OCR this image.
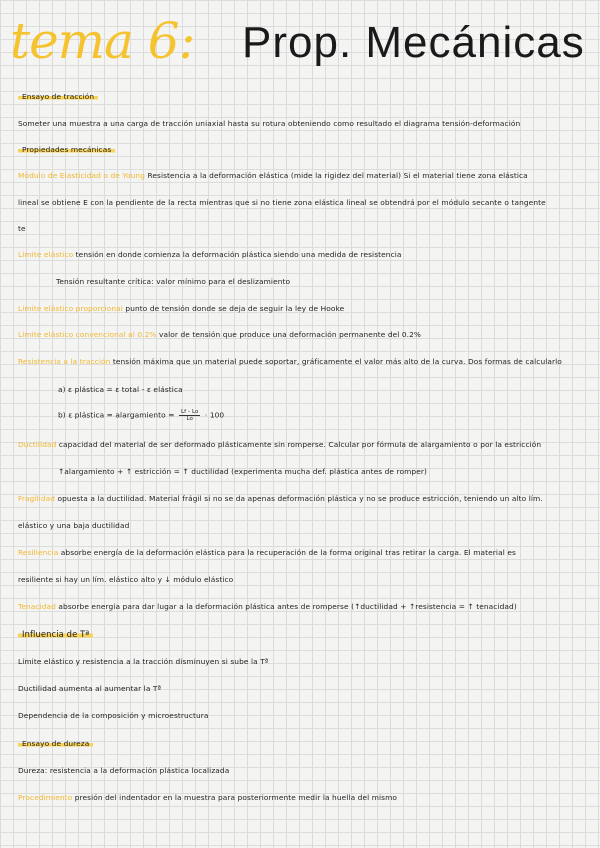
tema 6: Prop. Mecánicas
Ensayo de tracción
Someter una muestra a una carga de tracción uniaxial hasta su rotura obteniendo como resultado el diagrama tensión-deformación
Propiedades mecánicas
Módulo de Elasticidad o de Young Resistencia a la deformación elástica (mide la rigidez del material) Si el material tiene zona elástica
lineal se obtiene E con la pendiente de la recta mientras que si no tiene zona elástica lineal se obtendrá por el módulo secante o tangente
te
Límite elástico tensión en donde comienza la deformación plástica siendo una medida de resistencia
Tensión resultante crítica: valor mínimo para el deslizamiento
Límite elástico proporcional punto de tensión donde se deja de seguir la ley de Hooke
Límite elástico convencional al 0.2% valor de tensión que produce una deformación permanente del 0.2%
Resistencia a la tracción tensión máxima que un material puede soportar, gráficamente el valor más alto de la curva. Dos formas de calcularlo
a) ε plástica = ε total - ε elástica
b) ε plástica = alargamiento = $\frac{Lf - Lo}{Lo} \cdot 100$
Ductilidad capacidad del material de ser deformado plásticamente sin romperse. Calcular por fórmula de alargamiento o por la estricción
↑alargamiento + ↑ estricción = ↑ ductilidad (experimenta mucha def. plástica antes de romper)
Fragilidad opuesta a la ductilidad. Material frágil si no se da apenas deformación plástica y no se produce estricción, teniendo un alto lím.
elástico y una baja ductilidad
Resiliencia absorbe energía de la deformación elástica para la recuperación de la forma original tras retirar la carga. El material es
resiliente si hay un lím. elástico alto y ↓ módulo elástico
Tenacidad absorbe energía para dar lugar a la deformación plástica antes de romperse (↑ductilidad + ↑resistencia = ↑ tenacidad)
Influencia de Tª
Límite elástico y resistencia a la tracción disminuyen si sube la Tª
Ductilidad aumenta al aumentar la Tª
Dependencia de la composición y microestructura
Ensayo de dureza
Dureza: resistencia a la deformación plástica localizada
Procedimiento presión del indentador en la muestra para posteriormente medir la huella del mismo
